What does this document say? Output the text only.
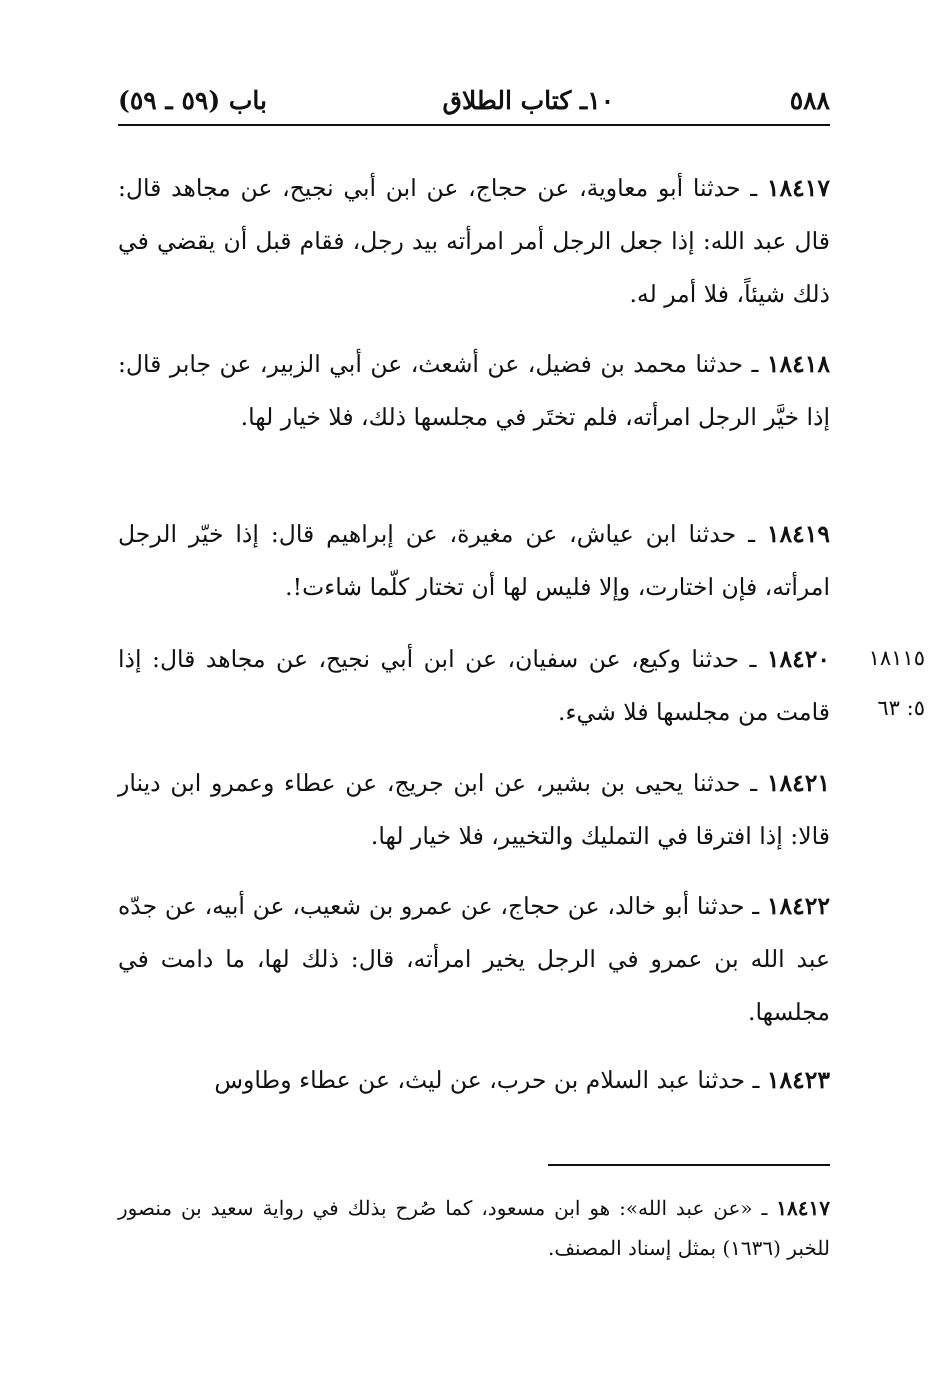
٥٨٨
١٠ـ كتاب الطلاق
باب (٥٩ ـ ٥٩)

١٨٤١٧ ـ حدثنا أبو معاوية، عن حجاج، عن ابن أبي نجيح، عن مجاهد قال: قال عبد الله: إذا جعل الرجل أمر امرأته بيد رجل، فقام قبل أن يقضي في ذلك شيئاً، فلا أمر له.

١٨٤١٨ ـ حدثنا محمد بن فضيل، عن أشعث، عن أبي الزبير، عن جابر قال: إذا خيَّر الرجل امرأته، فلم تختَر في مجلسها ذلك، فلا خيار لها.

١٨٤١٩ ـ حدثنا ابن عياش، عن مغيرة، عن إبراهيم قال: إذا خيّر الرجل امرأته، فإن اختارت، وإلا فليس لها أن تختار كلّما شاءت!.

١٨٤٢٠ ـ حدثنا وكيع، عن سفيان، عن ابن أبي نجيح، عن مجاهد قال: إذا قامت من مجلسها فلا شيء.

١٨١١٥
٥: ٦٣

١٨٤٢١ ـ حدثنا يحيى بن بشير، عن ابن جريج، عن عطاء وعمرو ابن دينار قالا: إذا افترقا في التمليك والتخيير، فلا خيار لها.

١٨٤٢٢ ـ حدثنا أبو خالد، عن حجاج، عن عمرو بن شعيب، عن أبيه، عن جدّه عبد الله بن عمرو في الرجل يخير امرأته، قال: ذلك لها، ما دامت في مجلسها.

١٨٤٢٣ ـ حدثنا عبد السلام بن حرب، عن ليث، عن عطاء وطاوس

١٨٤١٧ ـ «عن عبد الله»: هو ابن مسعود، كما صُرح بذلك في رواية سعيد بن منصور للخبر (١٦٣٦) بمثل إسناد المصنف.
